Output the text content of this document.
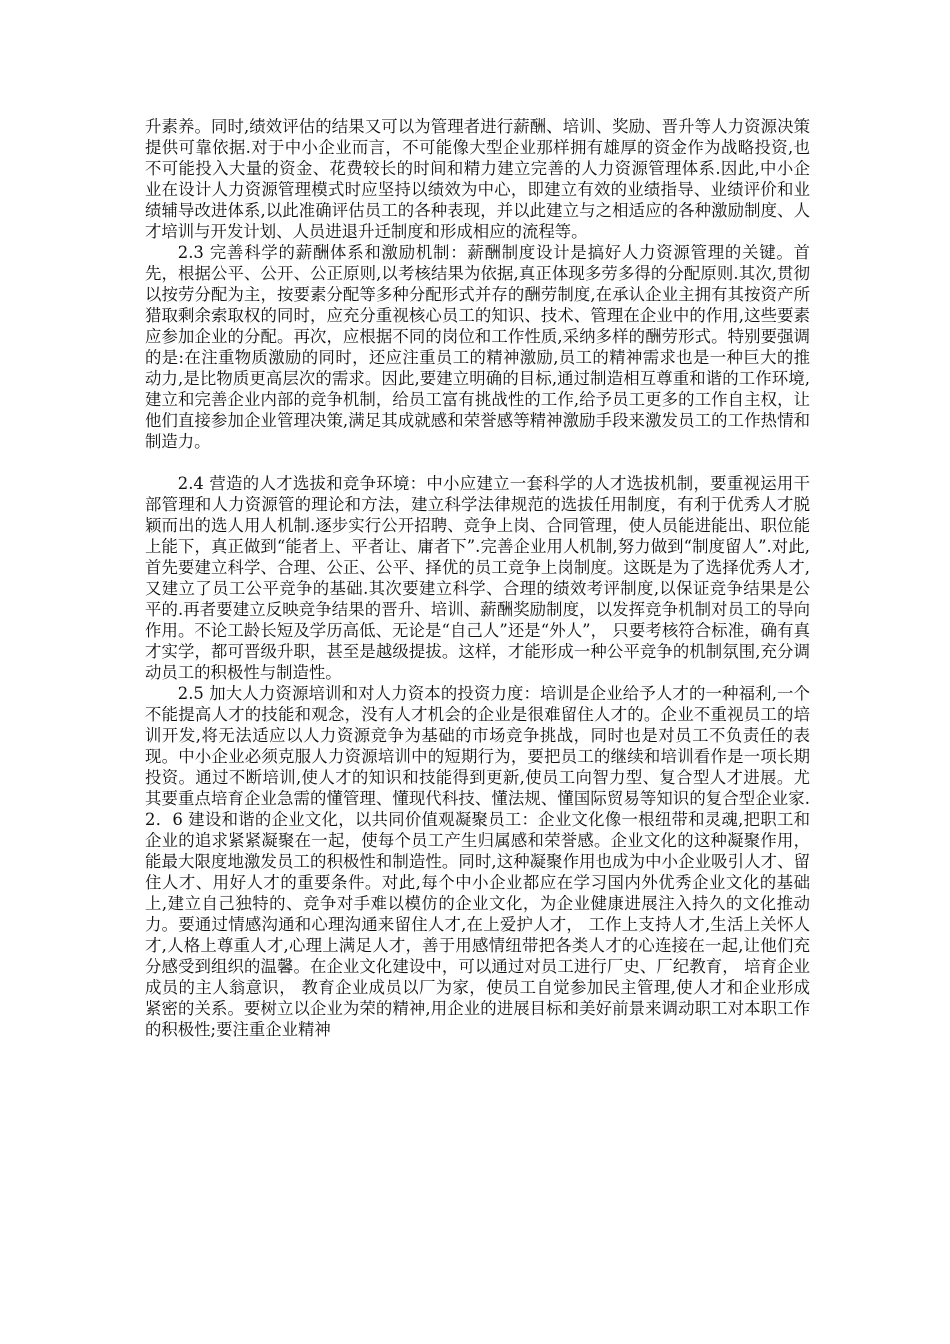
升素养。同时,绩效评估的结果又可以为管理者进行薪酬、培训、奖励、晋升等人力资源决策提供可靠依据.对于中小企业而言，不可能像大型企业那样拥有雄厚的资金作为战略投资,也不可能投入大量的资金、花费较长的时间和精力建立完善的人力资源管理体系.因此,中小企业在设计人力资源管理模式时应坚持以绩效为中心，即建立有效的业绩指导、业绩评价和业绩辅导改进体系,以此准确评估员工的各种表现，并以此建立与之相适应的各种激励制度、人才培训与开发计划、人员进退升迁制度和形成相应的流程等。

2.3 完善科学的薪酬体系和激励机制：薪酬制度设计是搞好人力资源管理的关键。首先，根据公平、公开、公正原则,以考核结果为依据,真正体现多劳多得的分配原则.其次,贯彻以按劳分配为主，按要素分配等多种分配形式并存的酬劳制度,在承认企业主拥有其按资产所猎取剩余索取权的同时，应充分重视核心员工的知识、技术、管理在企业中的作用,这些要素应参加企业的分配。再次，应根据不同的岗位和工作性质,采纳多样的酬劳形式。特别要强调的是:在注重物质激励的同时，还应注重员工的精神激励,员工的精神需求也是一种巨大的推动力,是比物质更高层次的需求。因此,要建立明确的目标,通过制造相互尊重和谐的工作环境,建立和完善企业内部的竞争机制，给员工富有挑战性的工作,给予员工更多的工作自主权，让他们直接参加企业管理决策,满足其成就感和荣誉感等精神激励手段来激发员工的工作热情和制造力。

2.4 营造的人才选拔和竞争环境：中小应建立一套科学的人才选拔机制，要重视运用干部管理和人力资源管的理论和方法，建立科学法律规范的选拔任用制度，有利于优秀人才脱颖而出的选人用人机制.逐步实行公开招聘、竞争上岗、合同管理，使人员能进能出、职位能上能下，真正做到“能者上、平者让、庸者下”.完善企业用人机制,努力做到“制度留人”.对此,首先要建立科学、合理、公正、公平、择优的员工竞争上岗制度。这既是为了选择优秀人才,又建立了员工公平竞争的基础.其次要建立科学、合理的绩效考评制度,以保证竞争结果是公平的.再者要建立反映竞争结果的晋升、培训、薪酬奖励制度，以发挥竞争机制对员工的导向作用。不论工龄长短及学历高低、无论是“自己人”还是“外人”， 只要考核符合标准，确有真才实学，都可晋级升职，甚至是越级提拔。这样，才能形成一种公平竞争的机制氛围,充分调动员工的积极性与制造性。

2.5 加大人力资源培训和对人力资本的投资力度：培训是企业给予人才的一种福利,一个不能提高人才的技能和观念，没有人才机会的企业是很难留住人才的。企业不重视员工的培训开发,将无法适应以人力资源竞争为基础的市场竞争挑战，同时也是对员工不负责任的表现。中小企业必须克服人力资源培训中的短期行为，要把员工的继续和培训看作是一项长期投资。通过不断培训,使人才的知识和技能得到更新,使员工向智力型、复合型人才进展。尤其要重点培育企业急需的懂管理、懂现代科技、懂法规、懂国际贸易等知识的复合型企业家.2．6 建设和谐的企业文化，以共同价值观凝聚员工：企业文化像一根纽带和灵魂,把职工和企业的追求紧紧凝聚在一起，使每个员工产生归属感和荣誉感。企业文化的这种凝聚作用，能最大限度地激发员工的积极性和制造性。同时,这种凝聚作用也成为中小企业吸引人才、留住人才、用好人才的重要条件。对此,每个中小企业都应在学习国内外优秀企业文化的基础上,建立自己独特的、竞争对手难以模仿的企业文化，为企业健康进展注入持久的文化推动力。要通过情感沟通和心理沟通来留住人才,在上爱护人才， 工作上支持人才,生活上关怀人才,人格上尊重人才,心理上满足人才，善于用感情纽带把各类人才的心连接在一起,让他们充分感受到组织的温馨。在企业文化建设中，可以通过对员工进行厂史、厂纪教育， 培育企业成员的主人翁意识， 教育企业成员以厂为家，使员工自觉参加民主管理,使人才和企业形成紧密的关系。要树立以企业为荣的精神,用企业的进展目标和美好前景来调动职工对本职工作的积极性;要注重企业精神
